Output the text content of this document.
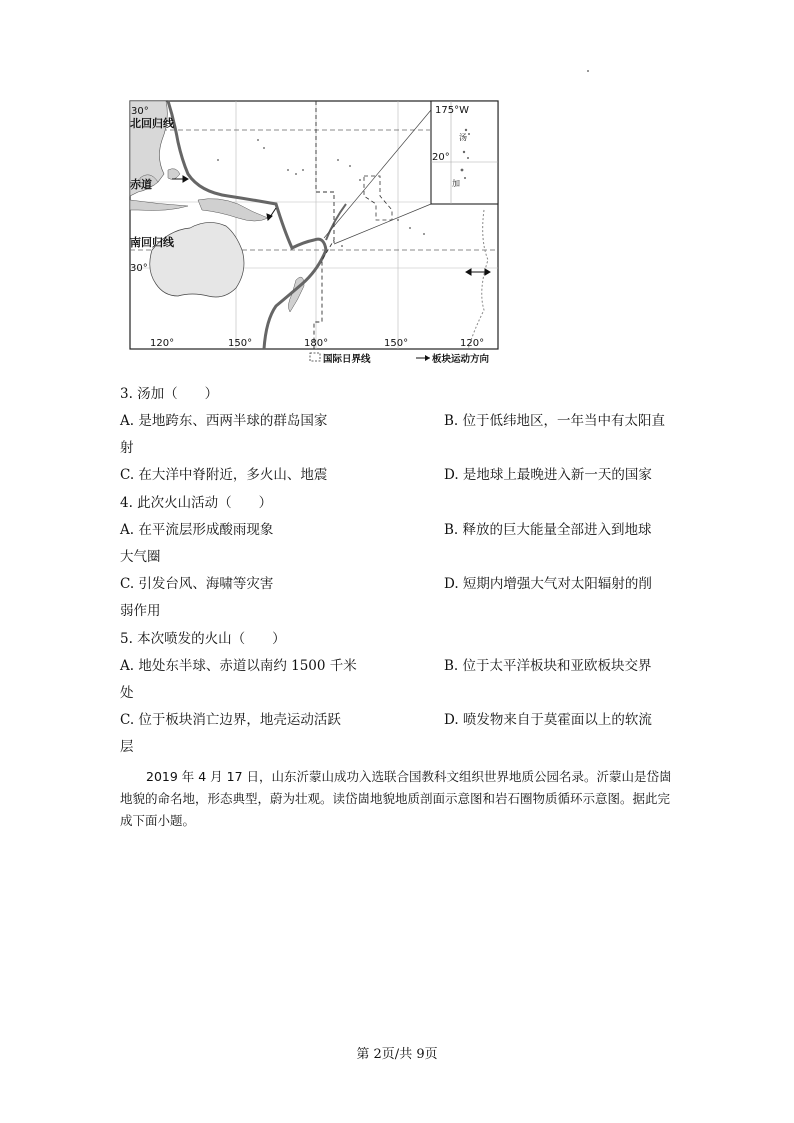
30°
北回归线
赤道
南回归线
30°
120°	150°	180°	150°	120°
175°W
20°
汤
加
国际日界线	板块运动方向
3. 汤加（　　）
A. 是地跨东、西两半球的群岛国家	B. 位于低纬地区，一年当中有太阳直
射
C. 在大洋中脊附近，多火山、地震	D. 是地球上最晚进入新一天的国家
4. 此次火山活动（　　）
A. 在平流层形成酸雨现象	B. 释放的巨大能量全部进入到地球
大气圈
C. 引发台风、海啸等灾害	D. 短期内增强大气对太阳辐射的削
弱作用
5. 本次喷发的火山（　　）
A. 地处东半球、赤道以南约 1500 千米	B. 位于太平洋板块和亚欧板块交界
处
C. 位于板块消亡边界，地壳运动活跃	D. 喷发物来自于莫霍面以上的软流
层

2019 年 4 月 17 日，山东沂蒙山成功入选联合国教科文组织世界地质公园名录。沂蒙山是岱崮地貌的命名地，形态典型，蔚为壮观。读岱崮地貌地质剖面示意图和岩石圈物质循环示意图。据此完成下面小题。

第 2页/共 9页
